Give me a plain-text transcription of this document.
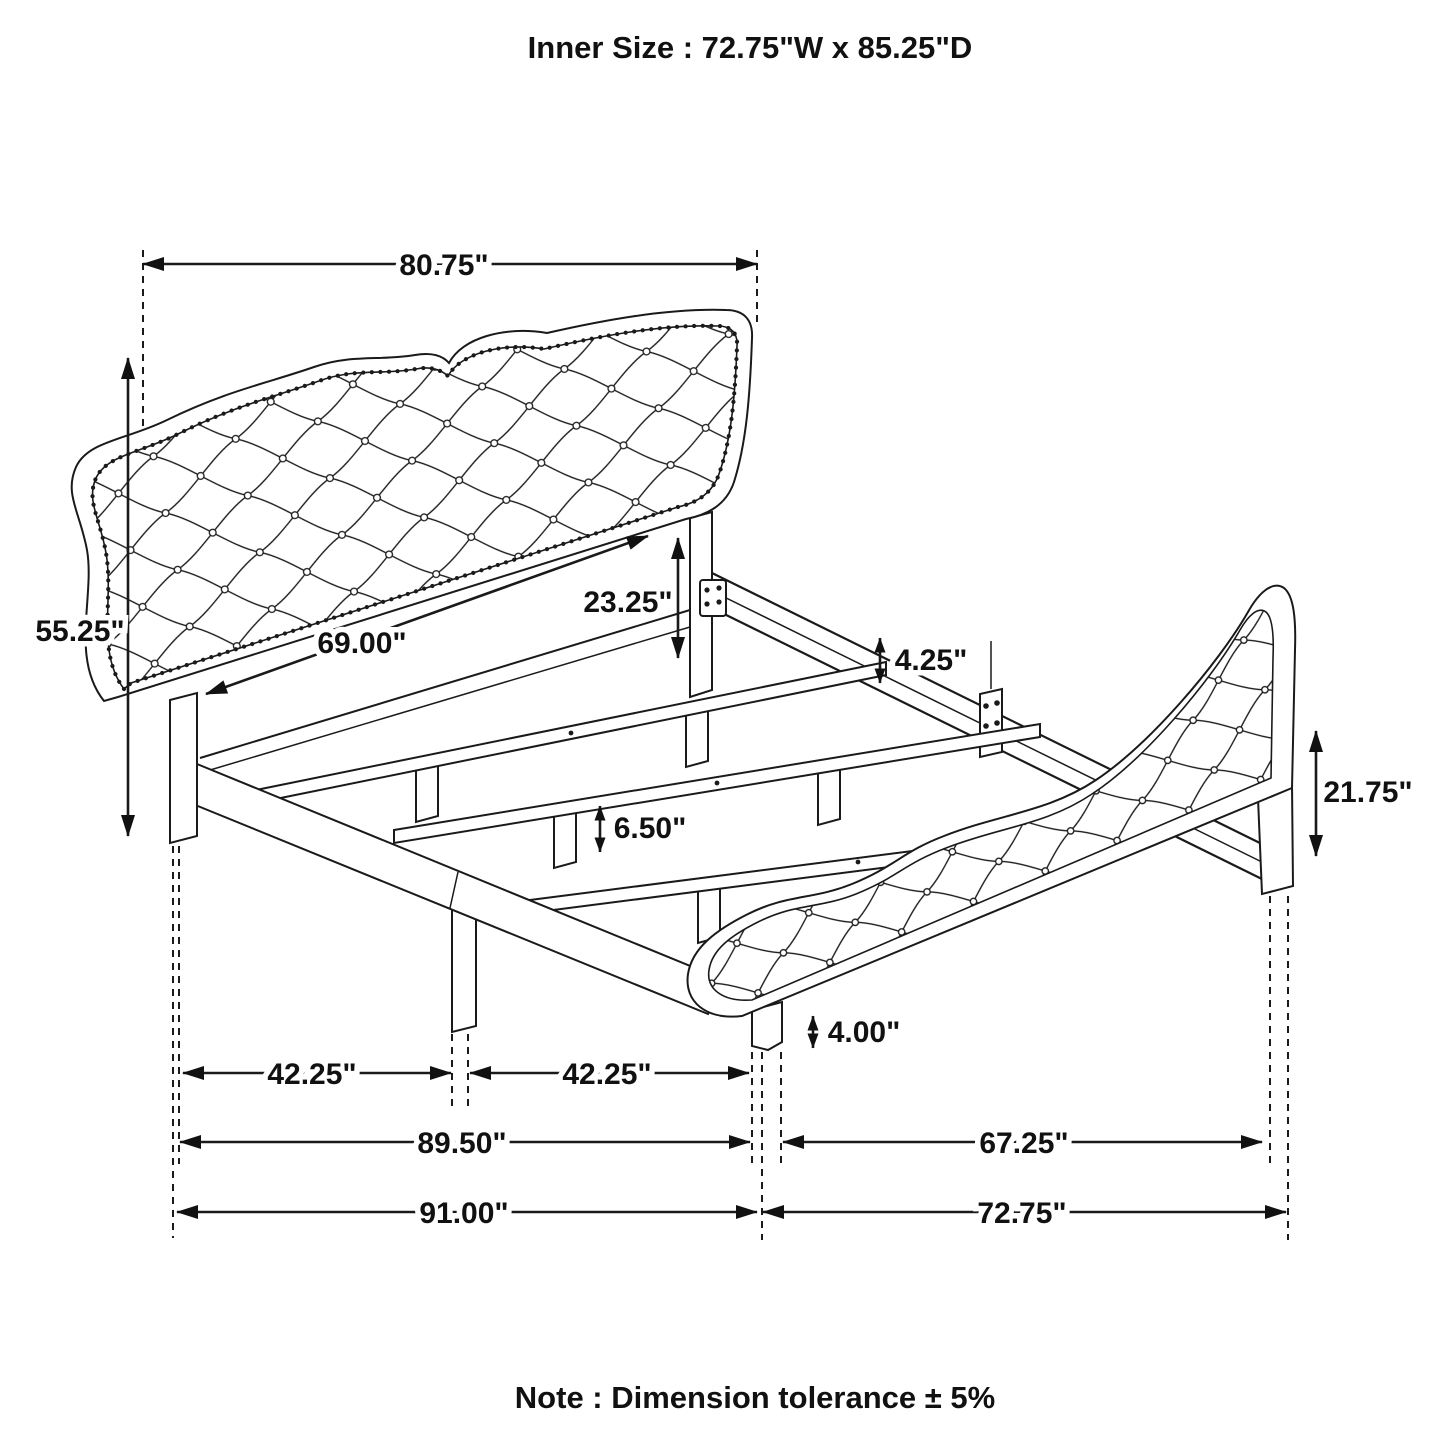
80.75"
55.25"	69.00"
23.25"
4.25"
6.50"
21.75"
4.00"
42.25"	42.25"
89.50"	67.25"
91.00"	72.75"
Inner Size : 72.75"W x 85.25"D
Note : Dimension tolerance ± 5%
